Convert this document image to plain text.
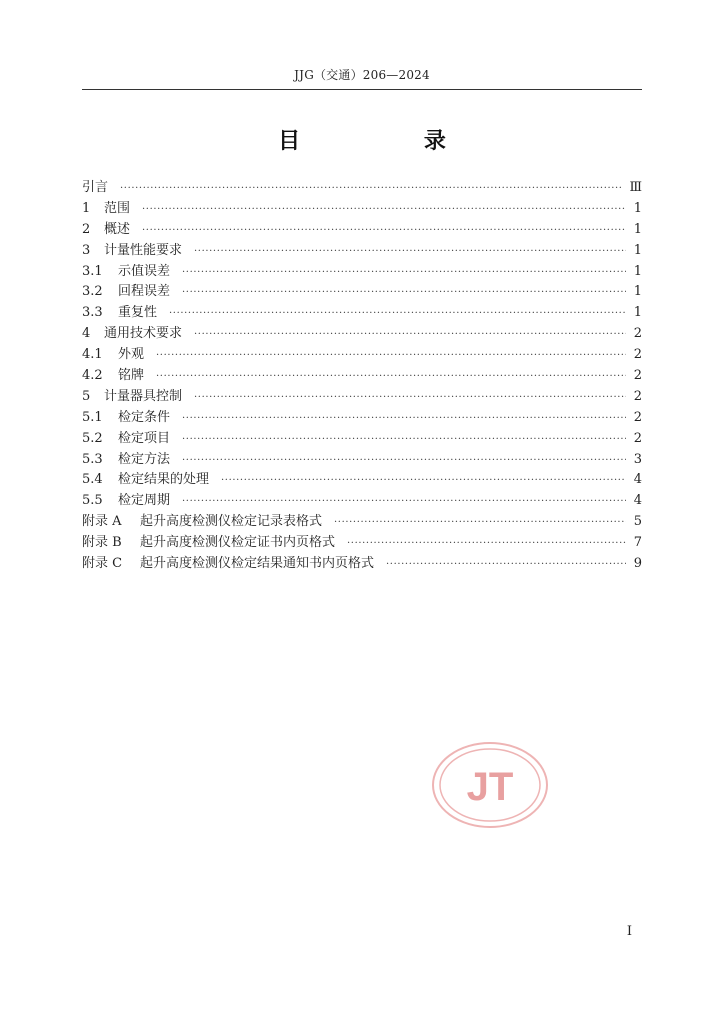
JJG（交通）206—2024
目 录
引言 ·····	Ⅲ
1	范围 ·····	1
2	概述 ·····	1
3	计量性能要求 ·····	1
3.1	示值误差 ·····	1
3.2	回程误差 ·····	1
3.3	重复性 ·····	1
4	通用技术要求 ·····	2
4.1	外观 ·····	2
4.2	铭牌 ·····	2
5	计量器具控制 ·····	2
5.1	检定条件 ·····	2
5.2	检定项目 ·····	2
5.3	检定方法 ·····	3
5.4	检定结果的处理 ·····	4
5.5	检定周期 ·····	4
附录 A	起升高度检测仪检定记录表格式 ·····	5
附录 B	起升高度检测仪检定证书内页格式 ·····	7
附录 C	起升高度检测仪检定结果通知书内页格式 ·····	9
JT
I
